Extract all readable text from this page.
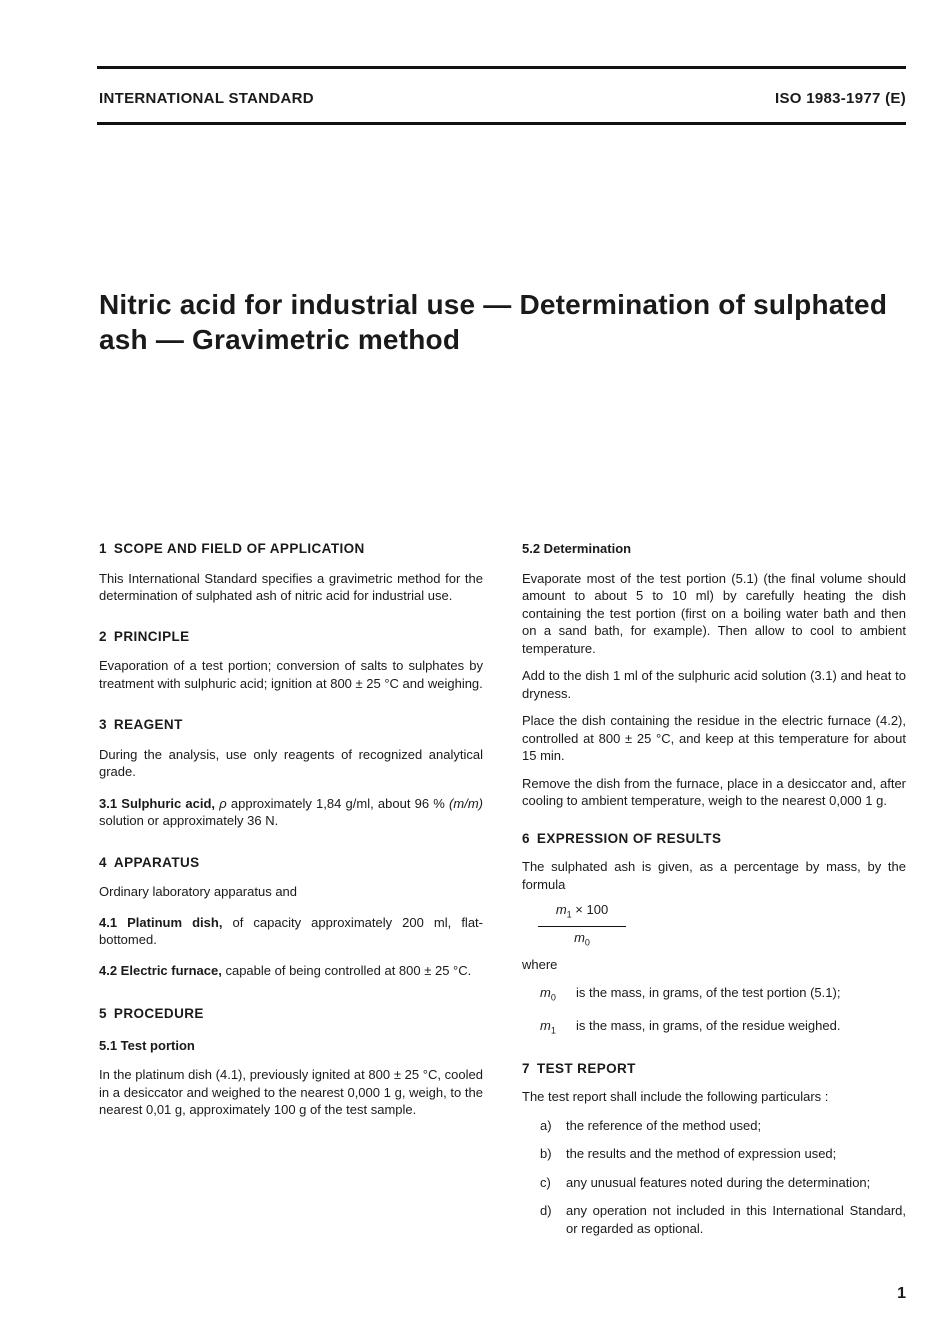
INTERNATIONAL STANDARD	ISO 1983-1977 (E)
Nitric acid for industrial use — Determination of sulphated
ash — Gravimetric method
1 SCOPE AND FIELD OF APPLICATION

This International Standard specifies a gravimetric method for the determination of sulphated ash of nitric acid for industrial use.

2 PRINCIPLE

Evaporation of a test portion; conversion of salts to sulphates by treatment with sulphuric acid; ignition at 800 ± 25 °C and weighing.

3 REAGENT

During the analysis, use only reagents of recognized analytical grade.

3.1 Sulphuric acid, ρ approximately 1,84 g/ml, about 96 % (m/m) solution or approximately 36 N.

4 APPARATUS

Ordinary laboratory apparatus and

4.1 Platinum dish, of capacity approximately 200 ml, flat-bottomed.

4.2 Electric furnace, capable of being controlled at 800 ± 25 °C.

5 PROCEDURE
5.1 Test portion

In the platinum dish (4.1), previously ignited at 800 ± 25 °C, cooled in a desiccator and weighed to the nearest 0,000 1 g, weigh, to the nearest 0,01 g, approximately 100 g of the test sample.

5.2 Determination

Evaporate most of the test portion (5.1) (the final volume should amount to about 5 to 10 ml) by carefully heating the dish containing the test portion (first on a boiling water bath and then on a sand bath, for example). Then allow to cool to ambient temperature.

Add to the dish 1 ml of the sulphuric acid solution (3.1) and heat to dryness.

Place the dish containing the residue in the electric furnace (4.2), controlled at 800 ± 25 °C, and keep at this temperature for about 15 min.

Remove the dish from the furnace, place in a desiccator and, after cooling to ambient temperature, weigh to the nearest 0,000 1 g.

6 EXPRESSION OF RESULTS

The sulphated ash is given, as a percentage by mass, by the formula

$m_1 \times 100$
$m_0$

where

$m_0$	is the mass, in grams, of the test portion (5.1);
$m_1$	is the mass, in grams, of the residue weighed.
7 TEST REPORT

The test report shall include the following particulars :

a)	the reference of the method used;
b)	the results and the method of expression used;
c)	any unusual features noted during the determination;
d)	any operation not included in this International Standard, or regarded as optional.
1
